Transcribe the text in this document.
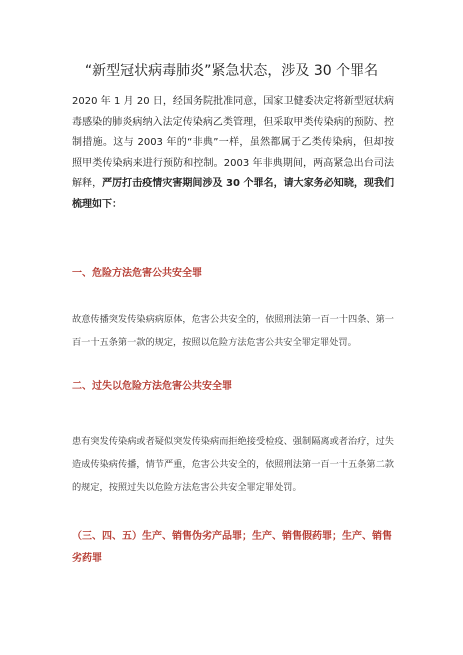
“新型冠状病毒肺炎”紧急状态，涉及 30 个罪名
2020 年 1 月 20 日，经国务院批准同意，国家卫健委决定将新型冠状病毒感染的肺炎病纳入法定传染病乙类管理，但采取甲类传染病的预防、控制措施。这与 2003 年的“非典”一样，虽然都属于乙类传染病，但却按照甲类传染病来进行预防和控制。2003 年非典期间，两高紧急出台司法解释，严厉打击疫情灾害期间涉及 30 个罪名，请大家务必知晓，现我们梳理如下：
一、危险方法危害公共安全罪
故意传播突发传染病病原体，危害公共安全的，依照刑法第一百一十四条、第一百一十五条第一款的规定，按照以危险方法危害公共安全罪定罪处罚。
二、过失以危险方法危害公共安全罪
患有突发传染病或者疑似突发传染病而拒绝接受检疫、强制隔离或者治疗，过失造成传染病传播，情节严重，危害公共安全的，依照刑法第一百一十五条第二款的规定，按照过失以危险方法危害公共安全罪定罪处罚。
（三、四、五）生产、销售伪劣产品罪；生产、销售假药罪；生产、销售劣药罪
